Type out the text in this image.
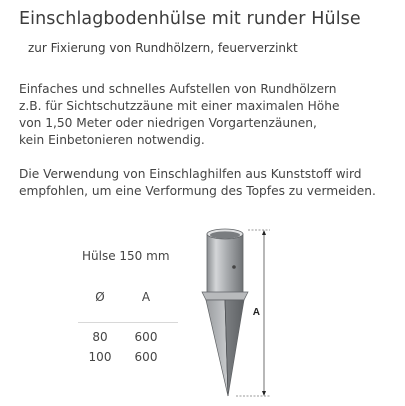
Einschlagbodenhülse mit runder Hülse
zur Fixierung von Rundhölzern, feuerverzinkt
Einfaches und schnelles Aufstellen von Rundhölzern
z.B. für Sichtschutzzäune mit einer maximalen Höhe
von 1,50 Meter oder niedrigen Vorgartenzäunen,
kein Einbetonieren notwendig.
Die Verwendung von Einschlaghilfen aus Kunststoff wird
empfohlen, um eine Verformung des Topfes zu vermeiden.
Hülse 150 mm
Ø	A
80	600
100	600
A
